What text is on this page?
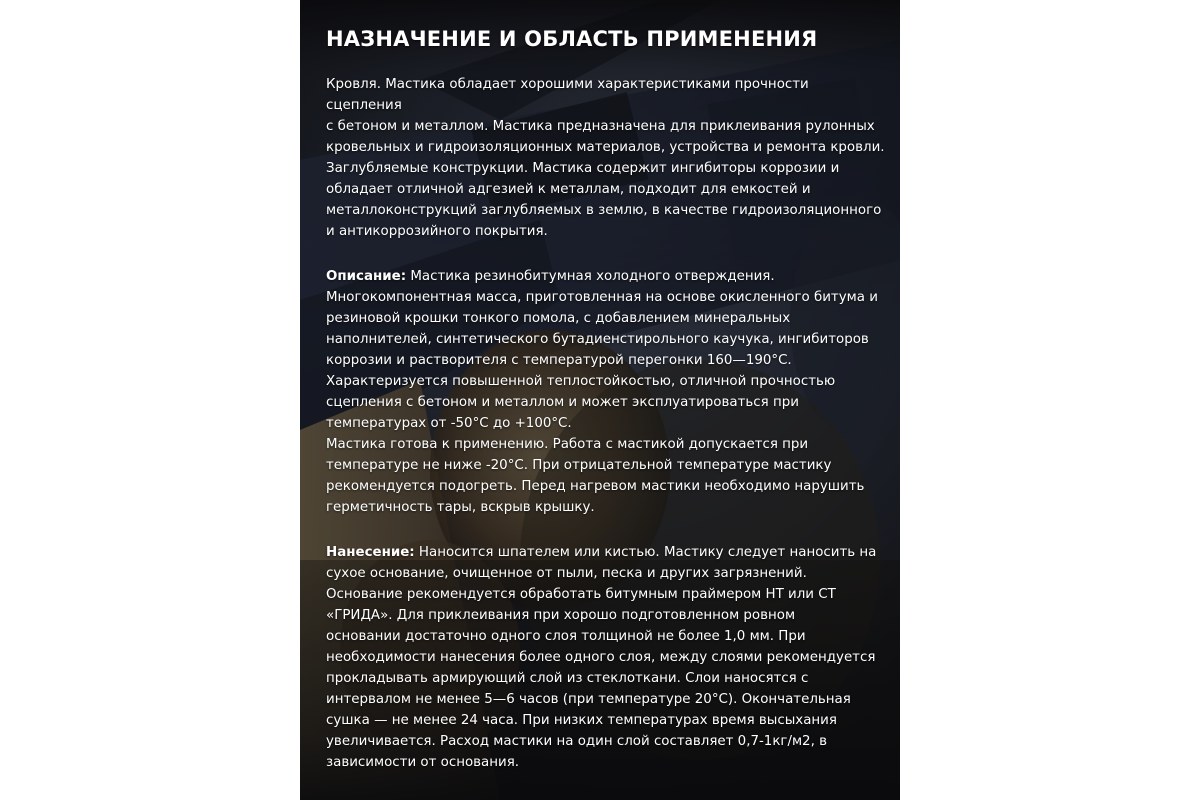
НАЗНАЧЕНИЕ И ОБЛАСТЬ ПРИМЕНЕНИЯ

Кровля. Мастика обладает хорошими характеристиками прочности
сцепления
с бетоном и металлом. Мастика предназначена для приклеивания рулонных
кровельных и гидроизоляционных материалов, устройства и ремонта кровли.
Заглубляемые конструкции. Мастика содержит ингибиторы коррозии и
обладает отличной адгезией к металлам, подходит для емкостей и
металлоконструкций заглубляемых в землю, в качестве гидроизоляционного
и антикоррозийного покрытия.

Описание: Мастика резинобитумная холодного отверждения.
Многокомпонентная масса, приготовленная на основе окисленного битума и
резиновой крошки тонкого помола, с добавлением минеральных
наполнителей, синтетического бутадиенстирольного каучука, ингибиторов
коррозии и растворителя с температурой перегонки 160—190°С.
Характеризуется повышенной теплостойкостью, отличной прочностью
сцепления с бетоном и металлом и может эксплуатироваться при
температурах от -50°С до +100°С.
Мастика готова к применению. Работа с мастикой допускается при
температуре не ниже -20°С. При отрицательной температуре мастику
рекомендуется подогреть. Перед нагревом мастики необходимо нарушить
герметичность тары, вскрыв крышку.

Нанесение: Наносится шпателем или кистью. Мастику следует наносить на
сухое основание, очищенное от пыли, песка и других загрязнений.
Основание рекомендуется обработать битумным праймером НТ или СТ
«ГРИДА». Для приклеивания при хорошо подготовленном ровном
основании достаточно одного слоя толщиной не более 1,0 мм. При
необходимости нанесения более одного слоя, между слоями рекомендуется
прокладывать армирующий слой из стеклоткани. Слои наносятся с
интервалом не менее 5—6 часов (при температуре 20°С). Окончательная
сушка — не менее 24 часа. При низких температурах время высыхания
увеличивается. Расход мастики на один слой составляет 0,7-1кг/м2, в
зависимости от основания.
